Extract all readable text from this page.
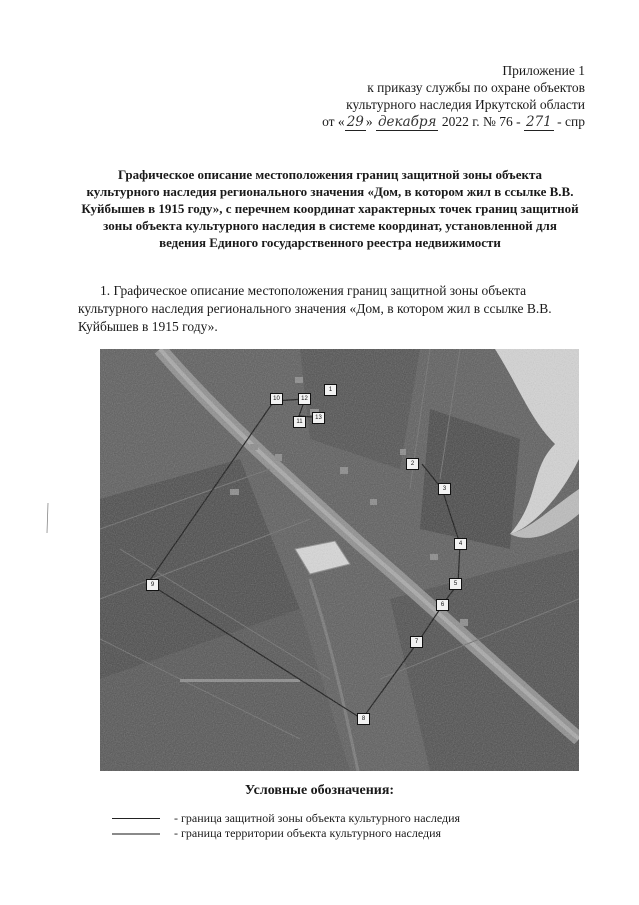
Приложение 1
к приказу службы по охране объектов
культурного наследия Иркутской области
от « 29 » декабря 2022 г. № 76 - 271 - спр
Графическое описание местоположения границ защитной зоны объекта культурного наследия регионального значения «Дом, в котором жил в ссылке В.В. Куйбышев в 1915 году», с перечнем координат характерных точек границ защитной зоны объекта культурного наследия в системе координат, установленной для ведения Единого государственного реестра недвижимости
1. Графическое описание местоположения границ защитной зоны объекта культурного наследия регионального значения «Дом, в котором жил в ссылке В.В. Куйбышев в 1915 году».
1
2
3
4
5
6
7
8
9
10
11
12
13
Условные обозначения:
- граница защитной зоны объекта культурного наследия
- граница территории объекта культурного наследия
